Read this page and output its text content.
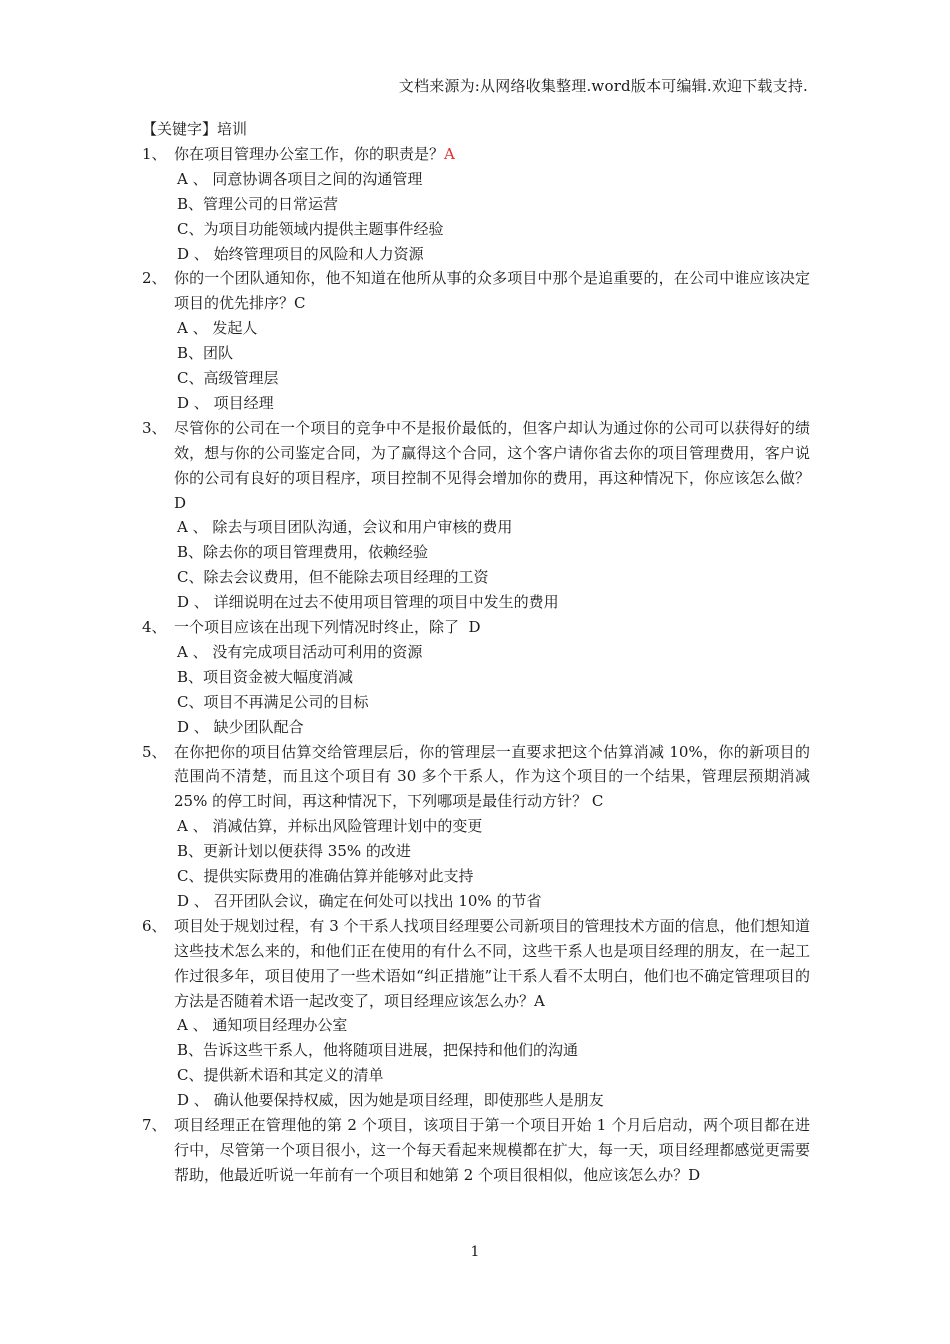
文档来源为:从网络收集整理.word版本可编辑.欢迎下载支持.
【关键字】培训
1、 你在项目管理办公室工作，你的职责是？A
A 、 同意协调各项目之间的沟通管理
B、管理公司的日常运营
C、为项目功能领域内提供主题事件经验
D 、 始终管理项目的风险和人力资源
2、 你的一个团队通知你，他不知道在他所从事的众多项目中那个是追重要的，在公司中谁应该决定项目的优先排序？C
A 、 发起人
B、团队
C、高级管理层
D 、 项目经理
3、 尽管你的公司在一个项目的竞争中不是报价最低的，但客户却认为通过你的公司可以获得好的绩效，想与你的公司鉴定合同，为了赢得这个合同，这个客户请你省去你的项目管理费用，客户说你的公司有良好的项目程序，项目控制不见得会增加你的费用，再这种情况下，你应该怎么做？D
A 、 除去与项目团队沟通，会议和用户审核的费用
B、除去你的项目管理费用，依赖经验
C、除去会议费用，但不能除去项目经理的工资
D 、 详细说明在过去不使用项目管理的项目中发生的费用
4、 一个项目应该在出现下列情况时终止，除了  D
A 、 没有完成项目活动可利用的资源
B、项目资金被大幅度消减
C、项目不再满足公司的目标
D 、 缺少团队配合
5、 在你把你的项目估算交给管理层后，你的管理层一直要求把这个估算消减 10%，你的新项目的范围尚不清楚，而且这个项目有 30 多个干系人，作为这个项目的一个结果，管理层预期消减 25% 的停工时间，再这种情况下，下列哪项是最佳行动方针？ C
A 、 消减估算，并标出风险管理计划中的变更
B、更新计划以便获得 35% 的改进
C、提供实际费用的准确估算并能够对此支持
D 、 召开团队会议，确定在何处可以找出 10% 的节省
6、 项目处于规划过程，有 3 个干系人找项目经理要公司新项目的管理技术方面的信息，他们想知道这些技术怎么来的，和他们正在使用的有什么不同，这些干系人也是项目经理的朋友，在一起工作过很多年，项目使用了一些术语如“纠正措施”让干系人看不太明白，他们也不确定管理项目的方法是否随着术语一起改变了，项目经理应该怎么办？A
A 、 通知项目经理办公室
B、告诉这些干系人，他将随项目进展，把保持和他们的沟通
C、提供新术语和其定义的清单
D 、 确认他要保持权威，因为她是项目经理，即使那些人是朋友
7、 项目经理正在管理他的第 2 个项目，该项目于第一个项目开始 1 个月后启动，两个项目都在进行中，尽管第一个项目很小，这一个每天看起来规模都在扩大，每一天，项目经理都感觉更需要帮助，他最近听说一年前有一个项目和她第 2 个项目很相似，他应该怎么办？D
1
